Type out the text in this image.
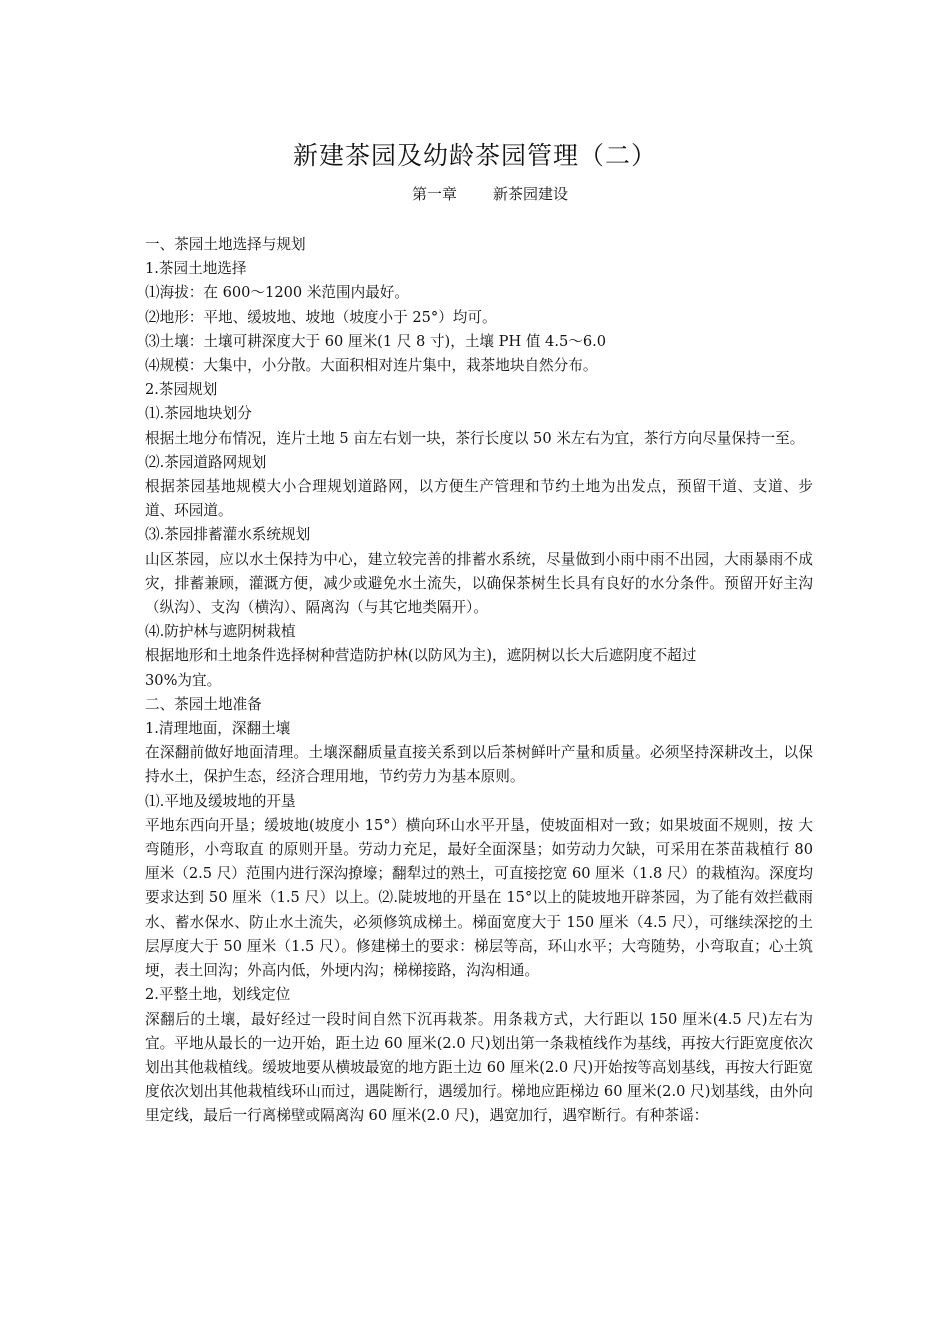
新建茶园及幼龄茶园管理（二）
第一章 新茶园建设

一、茶园土地选择与规划

1.茶园土地选择

⑴海拔：在 600～1200 米范围内最好。

⑵地形：平地、缓坡地、坡地（坡度小于 25°）均可。

⑶土壤：土壤可耕深度大于 60 厘米(1 尺 8 寸)，土壤 PH 值 4.5～6.0

⑷规模：大集中，小分散。大面积相对连片集中，栽茶地块自然分布。

2.茶园规划

⑴.茶园地块划分

根据土地分布情况，连片土地 5 亩左右划一块，茶行长度以 50 米左右为宜，茶行方向尽量保持一至。

⑵.茶园道路网规划

根据茶园基地规模大小合理规划道路网，以方便生产管理和节约土地为出发点，预留干道、支道、步道、环园道。

⑶.茶园排蓄灌水系统规划

山区茶园，应以水土保持为中心，建立较完善的排蓄水系统，尽量做到小雨中雨不出园，大雨暴雨不成灾，排蓄兼顾，灌溉方便，减少或避免水土流失，以确保茶树生长具有良好的水分条件。预留开好主沟（纵沟）、支沟（横沟）、隔离沟（与其它地类隔开）。

⑷.防护林与遮阴树栽植

根据地形和土地条件选择树种营造防护林(以防风为主)，遮阴树以长大后遮阴度不超过

30%为宜。

二、茶园土地准备

1.清理地面，深翻土壤

在深翻前做好地面清理。土壤深翻质量直接关系到以后茶树鲜叶产量和质量。必须坚持深耕改土，以保持水土，保护生态，经济合理用地，节约劳力为基本原则。

⑴.平地及缓坡地的开垦

平地东西向开垦；缓坡地(坡度小 15°）横向环山水平开垦，使坡面相对一致；如果坡面不规则，按 大弯随形，小弯取直 的原则开垦。劳动力充足，最好全面深垦；如劳动力欠缺，可采用在茶苗栽植行 80 厘米（2.5 尺）范围内进行深沟撩壕；翻犁过的熟土，可直接挖宽 60 厘米（1.8 尺）的栽植沟。深度均要求达到 50 厘米（1.5 尺）以上。⑵.陡坡地的开垦在 15°以上的陡坡地开辟茶园，为了能有效拦截雨水、蓄水保水、防止水土流失，必须修筑成梯土。梯面宽度大于 150 厘米（4.5 尺），可继续深挖的土层厚度大于 50 厘米（1.5 尺）。修建梯土的要求：梯层等高，环山水平；大弯随势，小弯取直；心土筑埂，表土回沟；外高内低，外埂内沟；梯梯接路，沟沟相通。

2.平整土地，划线定位

深翻后的土壤，最好经过一段时间自然下沉再栽茶。用条栽方式，大行距以 150 厘米(4.5 尺)左右为宜。平地从最长的一边开始，距土边 60 厘米(2.0 尺)划出第一条栽植线作为基线，再按大行距宽度依次划出其他栽植线。缓坡地要从横坡最宽的地方距土边 60 厘米(2.0 尺)开始按等高划基线，再按大行距宽度依次划出其他栽植线环山而过，遇陡断行，遇缓加行。梯地应距梯边 60 厘米(2.0 尺)划基线，由外向里定线，最后一行离梯壁或隔离沟 60 厘米(2.0 尺)，遇宽加行，遇窄断行。有种茶谣：
